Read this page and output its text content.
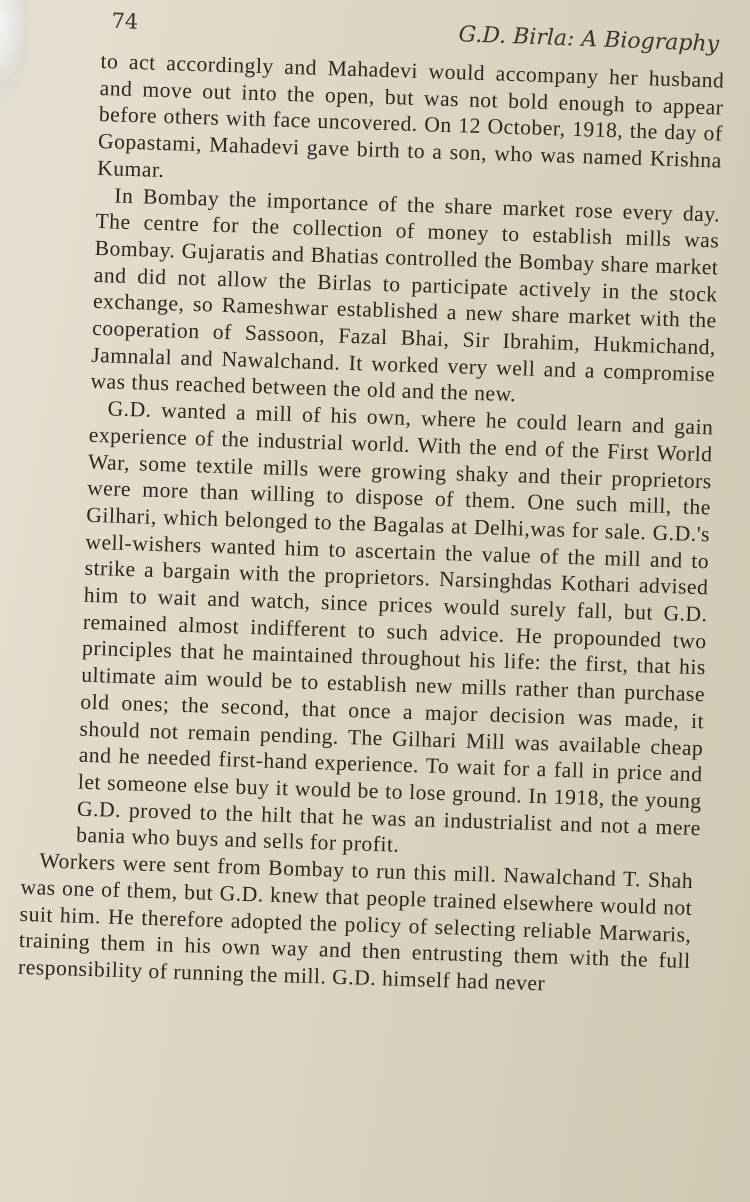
74
G.D. Birla: A Biography

to act accordingly and Mahadevi would accompany her husband and move out into the open, but was not bold enough to appear before others with face uncovered. On 12 October, 1918, the day of Gopastami, Mahadevi gave birth to a son, who was named Krishna Kumar.

In Bombay the importance of the share market rose every day. The centre for the collection of money to establish mills was Bombay. Gujaratis and Bhatias controlled the Bombay share market and did not allow the Birlas to participate actively in the stock exchange, so Rameshwar established a new share market with the cooperation of Sassoon, Fazal Bhai, Sir Ibrahim, Hukmichand, Jamnalal and Nawalchand. It worked very well and a compromise was thus reached between the old and the new.

G.D. wanted a mill of his own, where he could learn and gain experience of the industrial world. With the end of the First World War, some textile mills were growing shaky and their proprietors were more than willing to dispose of them. One such mill, the Gilhari, which belonged to the Bagalas at Delhi,was for sale. G.D.'s well-wishers wanted him to ascertain the value of the mill and to strike a bargain with the proprietors. Narsinghdas Kothari advised him to wait and watch, since prices would surely fall, but G.D. remained almost indifferent to such advice. He propounded two principles that he maintained throughout his life: the first, that his ultimate aim would be to establish new mills rather than purchase old ones; the second, that once a major decision was made, it should not remain pending. The Gilhari Mill was available cheap and he needed first-hand experience. To wait for a fall in price and let someone else buy it would be to lose ground. In 1918, the young G.D. proved to the hilt that he was an industrialist and not a mere bania who buys and sells for profit.

Workers were sent from Bombay to run this mill. Nawalchand T. Shah was one of them, but G.D. knew that people trained elsewhere would not suit him. He therefore adopted the policy of selecting reliable Marwaris, training them in his own way and then entrusting them with the full responsibility of running the mill. G.D. himself had never
